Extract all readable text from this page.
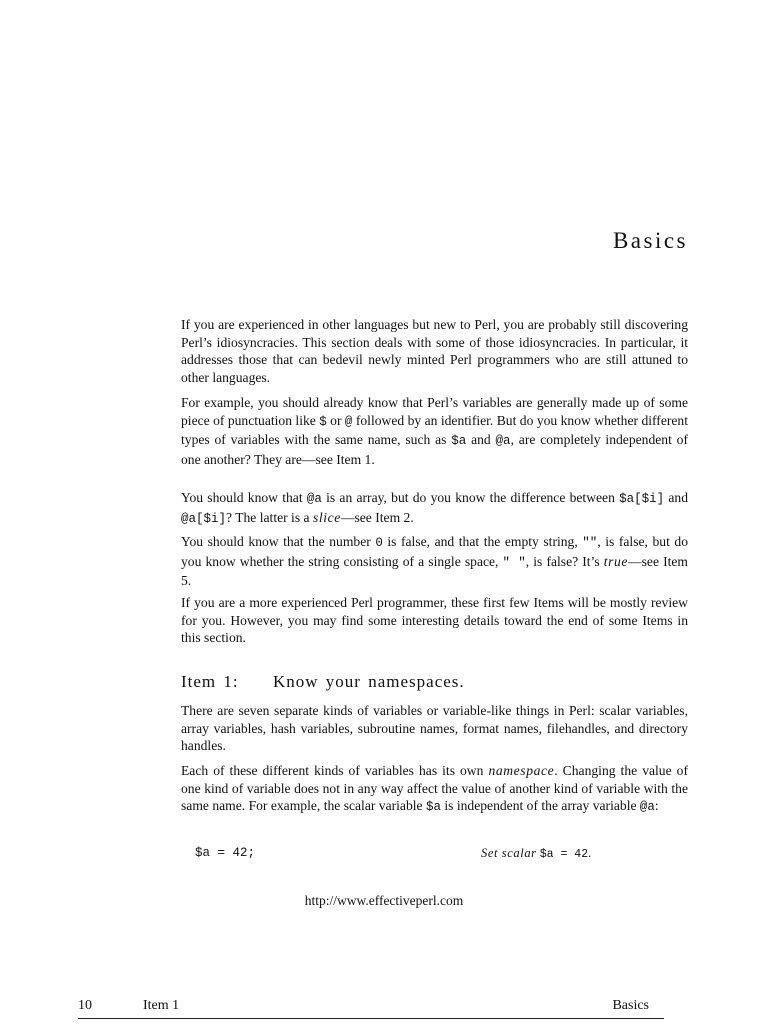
Basics
If you are experienced in other languages but new to Perl, you are probably still discovering Perl’s idiosyncracies. This section deals with some of those idiosyncracies. In particular, it addresses those that can bedevil newly minted Perl programmers who are still attuned to other languages.
For example, you should already know that Perl’s variables are generally made up of some piece of punctuation like $ or @ followed by an identifier. But do you know whether different types of variables with the same name, such as $a and @a, are completely independent of one another? They are—see Item 1.
You should know that @a is an array, but do you know the difference between $a[$i] and @a[$i]? The latter is a slice—see Item 2.
You should know that the number 0 is false, and that the empty string, "", is false, but do you know whether the string consisting of a single space, " ", is false? It’s true—see Item 5.
If you are a more experienced Perl programmer, these first few Items will be mostly review for you. However, you may find some interesting details toward the end of some Items in this section.
Item 1: Know your namespaces.
There are seven separate kinds of variables or variable-like things in Perl: scalar variables, array variables, hash variables, subroutine names, format names, filehandles, and directory handles.
Each of these different kinds of variables has its own namespace. Changing the value of one kind of variable does not in any way affect the value of another kind of variable with the same name. For example, the scalar variable $a is independent of the array variable @a:
$a = 42;	Set scalar $a = 42.
http://www.effectiveperl.com
10	Item 1	Basics
